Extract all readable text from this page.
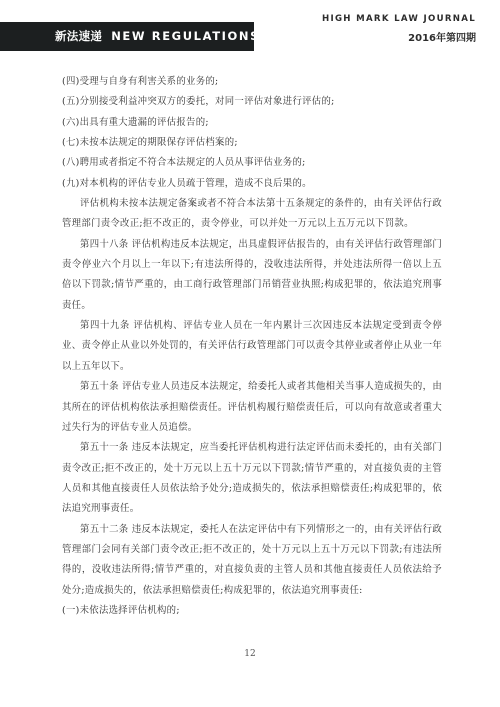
新法速递 NEW REGULATIONS
HIGH MARK LAW JOURNAL
2016年第四期

(四)受理与自身有利害关系的业务的;

(五)分别接受利益冲突双方的委托，对同一评估对象进行评估的;

(六)出具有重大遗漏的评估报告的;

(七)未按本法规定的期限保存评估档案的;

(八)聘用或者指定不符合本法规定的人员从事评估业务的;

(九)对本机构的评估专业人员疏于管理，造成不良后果的。

评估机构未按本法规定备案或者不符合本法第十五条规定的条件的，由有关评估行政管理部门责令改正;拒不改正的，责令停业，可以并处一万元以上五万元以下罚款。

第四十八条 评估机构违反本法规定，出具虚假评估报告的，由有关评估行政管理部门责令停业六个月以上一年以下;有违法所得的，没收违法所得，并处违法所得一倍以上五倍以下罚款;情节严重的，由工商行政管理部门吊销营业执照;构成犯罪的，依法追究刑事责任。

第四十九条 评估机构、评估专业人员在一年内累计三次因违反本法规定受到责令停业、责令停止从业以外处罚的，有关评估行政管理部门可以责令其停业或者停止从业一年以上五年以下。

第五十条 评估专业人员违反本法规定，给委托人或者其他相关当事人造成损失的，由其所在的评估机构依法承担赔偿责任。评估机构履行赔偿责任后，可以向有故意或者重大过失行为的评估专业人员追偿。

第五十一条 违反本法规定，应当委托评估机构进行法定评估而未委托的，由有关部门责令改正;拒不改正的，处十万元以上五十万元以下罚款;情节严重的，对直接负责的主管人员和其他直接责任人员依法给予处分;造成损失的，依法承担赔偿责任;构成犯罪的，依法追究刑事责任。

第五十二条 违反本法规定，委托人在法定评估中有下列情形之一的，由有关评估行政管理部门会同有关部门责令改正;拒不改正的，处十万元以上五十万元以下罚款;有违法所得的，没收违法所得;情节严重的，对直接负责的主管人员和其他直接责任人员依法给予处分;造成损失的，依法承担赔偿责任;构成犯罪的，依法追究刑事责任:

(一)未依法选择评估机构的;

12
